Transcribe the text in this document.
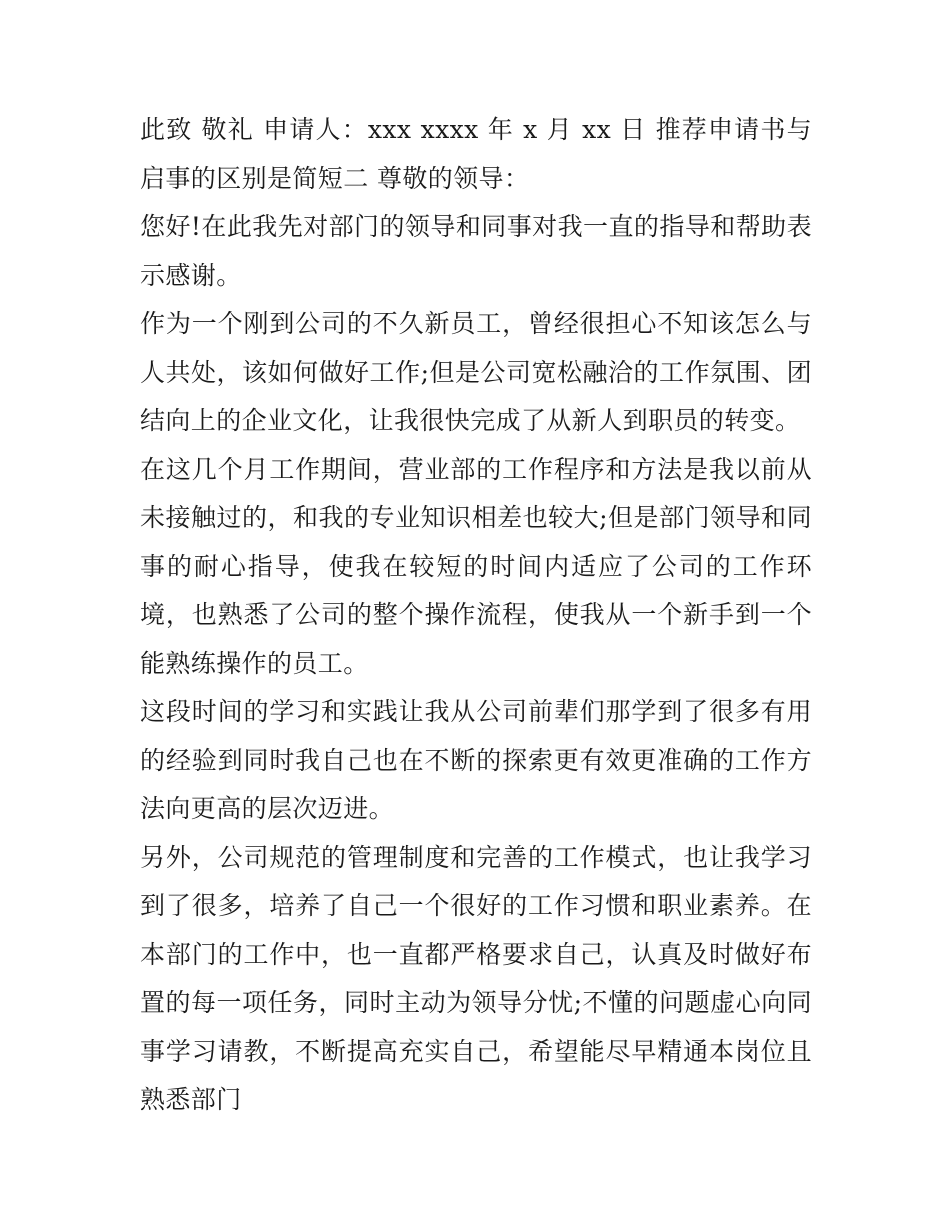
此致 敬礼 申请人：xxx xxxx 年 x 月 xx 日 推荐申请书与启事的区别是简短二 尊敬的领导：

您好!在此我先对部门的领导和同事对我一直的指导和帮助表示感谢。

作为一个刚到公司的不久新员工，曾经很担心不知该怎么与人共处，该如何做好工作;但是公司宽松融洽的工作氛围、团结向上的企业文化，让我很快完成了从新人到职员的转变。

在这几个月工作期间，营业部的工作程序和方法是我以前从未接触过的，和我的专业知识相差也较大;但是部门领导和同事的耐心指导，使我在较短的时间内适应了公司的工作环境，也熟悉了公司的整个操作流程，使我从一个新手到一个能熟练操作的员工。

这段时间的学习和实践让我从公司前辈们那学到了很多有用的经验到同时我自己也在不断的探索更有效更准确的工作方法向更高的层次迈进。

另外，公司规范的管理制度和完善的工作模式，也让我学习到了很多，培养了自己一个很好的工作习惯和职业素养。在本部门的工作中，也一直都严格要求自己，认真及时做好布置的每一项任务，同时主动为领导分忧;不懂的问题虚心向同事学习请教，不断提高充实自己，希望能尽早精通本岗位且熟悉部门
